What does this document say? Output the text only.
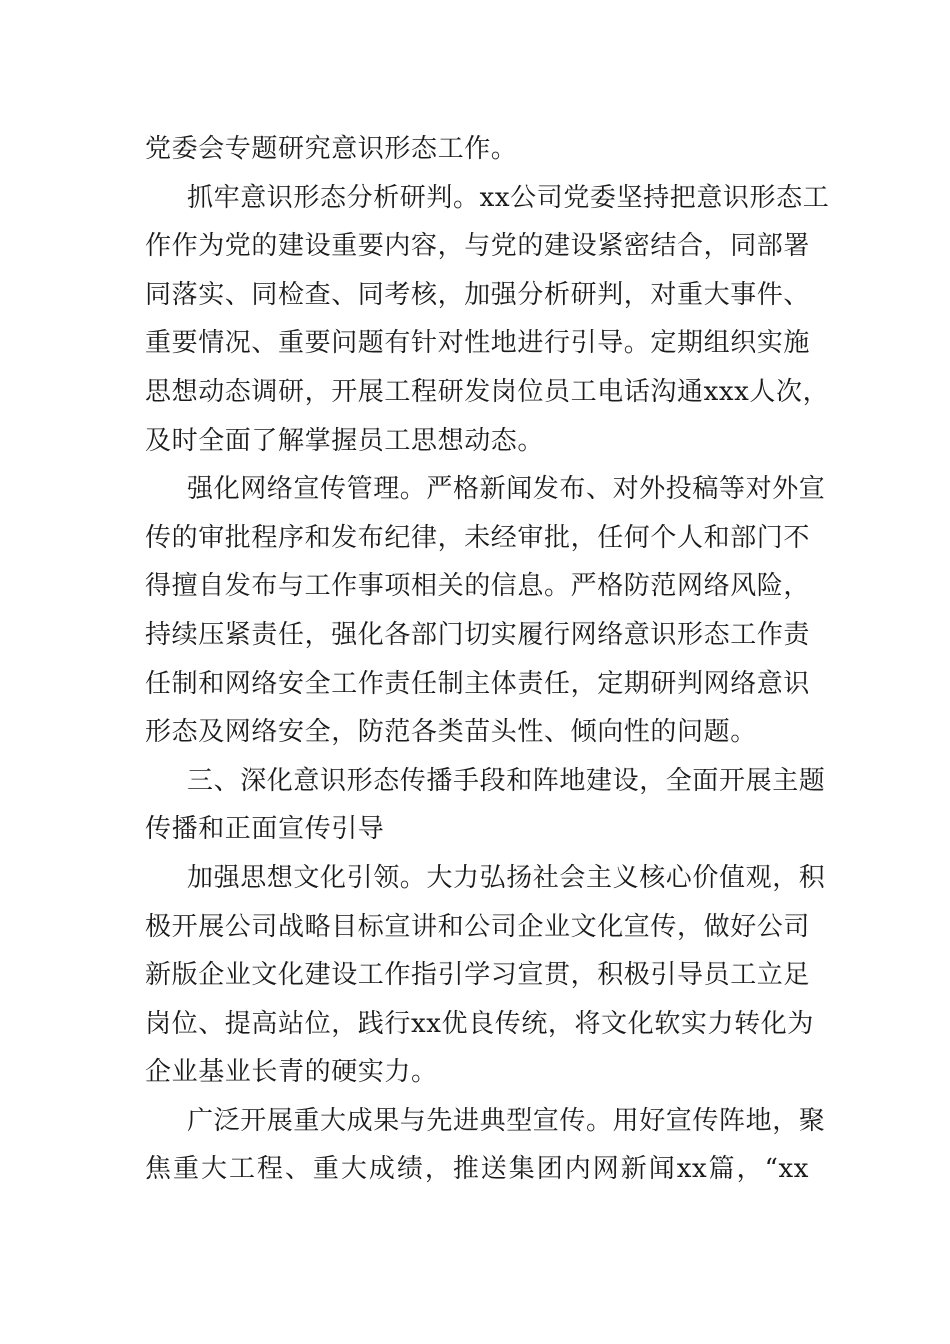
党委会专题研究意识形态工作。
抓牢意识形态分析研判。xx公司党委坚持把意识形态工
作作为党的建设重要内容，与党的建设紧密结合，同部署
同落实、同检查、同考核，加强分析研判，对重大事件、
重要情况、重要问题有针对性地进行引导。定期组织实施
思想动态调研，开展工程研发岗位员工电话沟通xxx人次，
及时全面了解掌握员工思想动态。
强化网络宣传管理。严格新闻发布、对外投稿等对外宣
传的审批程序和发布纪律，未经审批，任何个人和部门不
得擅自发布与工作事项相关的信息。严格防范网络风险，
持续压紧责任，强化各部门切实履行网络意识形态工作责
任制和网络安全工作责任制主体责任，定期研判网络意识
形态及网络安全，防范各类苗头性、倾向性的问题。
三、深化意识形态传播手段和阵地建设，全面开展主题
传播和正面宣传引导
加强思想文化引领。大力弘扬社会主义核心价值观，积
极开展公司战略目标宣讲和公司企业文化宣传，做好公司
新版企业文化建设工作指引学习宣贯，积极引导员工立足
岗位、提高站位，践行xx优良传统，将文化软实力转化为
企业基业长青的硬实力。
广泛开展重大成果与先进典型宣传。用好宣传阵地，聚
焦重大工程、重大成绩，推送集团内网新闻xx篇，“xx
